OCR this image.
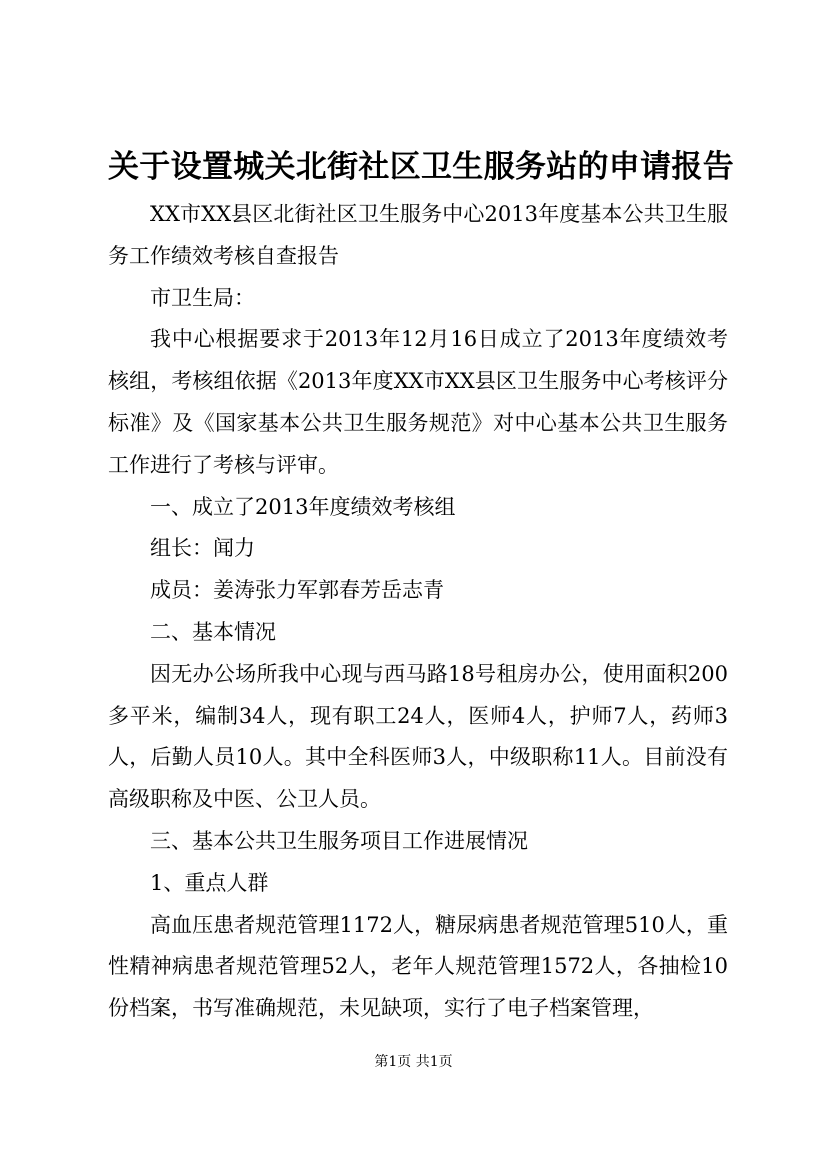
关于设置城关北街社区卫生服务站的申请报告

XX市XX县区北街社区卫生服务中心2013年度基本公共卫生服务工作绩效考核自查报告

市卫生局：

我中心根据要求于2013年12月16日成立了2013年度绩效考核组，考核组依据《2013年度XX市XX县区卫生服务中心考核评分标准》及《国家基本公共卫生服务规范》对中心基本公共卫生服务工作进行了考核与评审。

一、成立了2013年度绩效考核组

组长：闻力

成员：姜涛张力军郭春芳岳志青

二、基本情况

因无办公场所我中心现与西马路18号租房办公，使用面积200多平米，编制34人，现有职工24人，医师4人，护师7人，药师3人，后勤人员10人。其中全科医师3人，中级职称11人。目前没有高级职称及中医、公卫人员。

三、基本公共卫生服务项目工作进展情况

1、重点人群

高血压患者规范管理1172人，糖尿病患者规范管理510人，重性精神病患者规范管理52人，老年人规范管理1572人，各抽检10份档案，书写准确规范，未见缺项，实行了电子档案管理，

第1页 共1页
